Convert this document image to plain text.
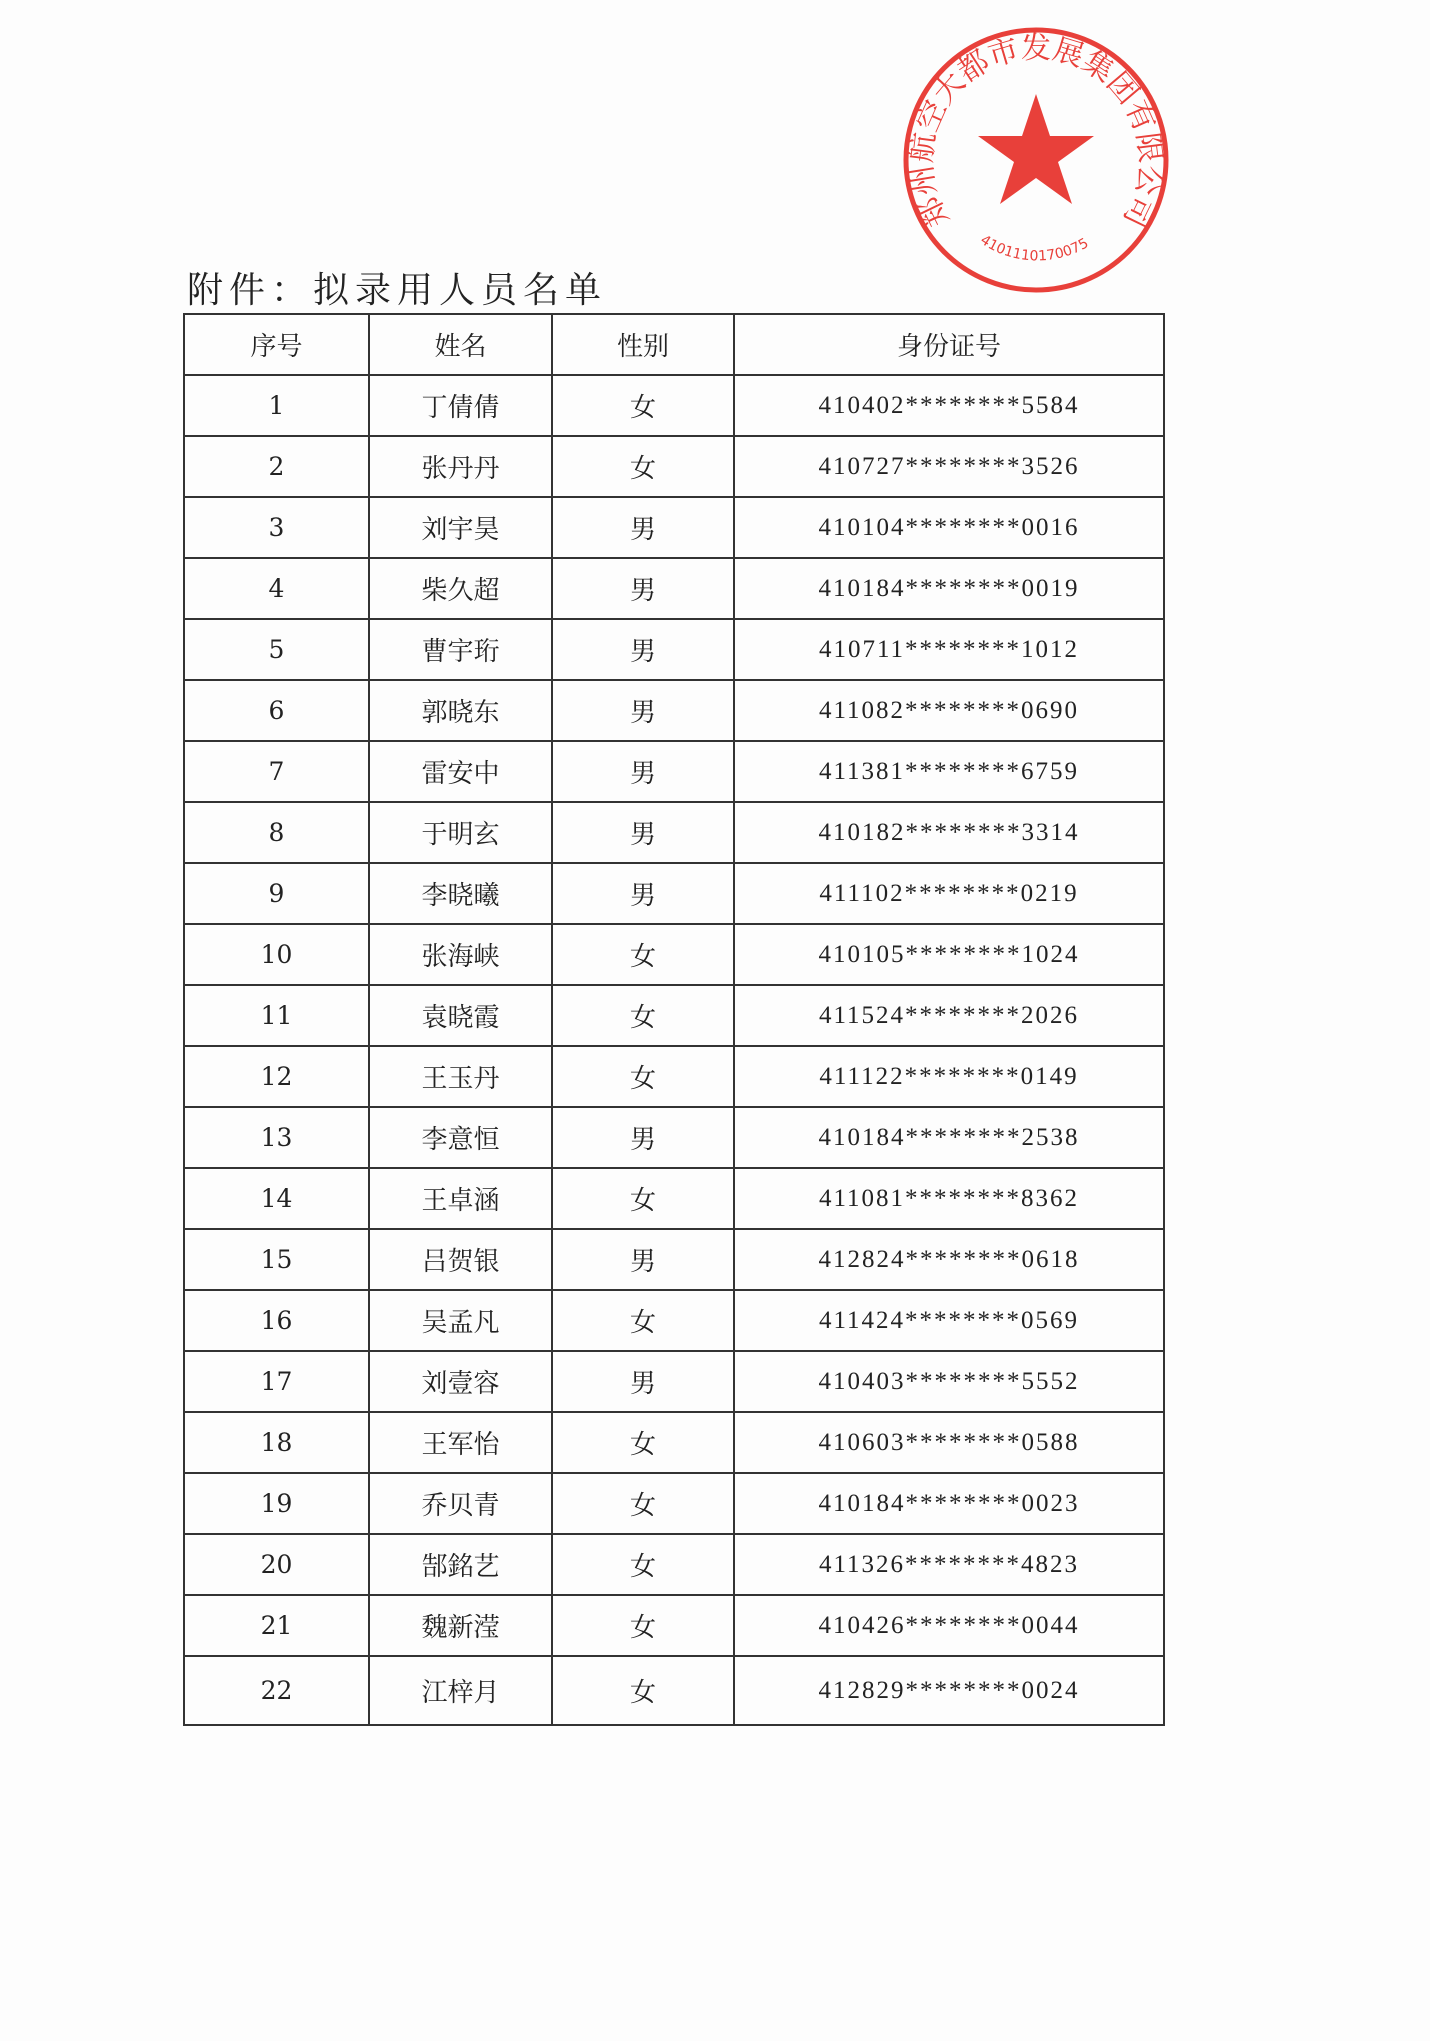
附件：拟录用人员名单
序号	姓名	性别	身份证号
1	丁倩倩	女	410402********5584
2	张丹丹	女	410727********3526
3	刘宇昊	男	410104********0016
4	柴久超	男	410184********0019
5	曹宇珩	男	410711********1012
6	郭晓东	男	411082********0690
7	雷安中	男	411381********6759
8	于明玄	男	410182********3314
9	李晓曦	男	411102********0219
10	张海峡	女	410105********1024
11	袁晓霞	女	411524********2026
12	王玉丹	女	411122********0149
13	李意恒	男	410184********2538
14	王卓涵	女	411081********8362
15	吕贺银	男	412824********0618
16	吴孟凡	女	411424********0569
17	刘壹容	男	410403********5552
18	王军怡	女	410603********0588
19	乔贝青	女	410184********0023
20	郜銘艺	女	411326********4823
21	魏新滢	女	410426********0044
22	江梓月	女	412829********0024
郑州航空大都市发展集团有限公司
4101110170075
